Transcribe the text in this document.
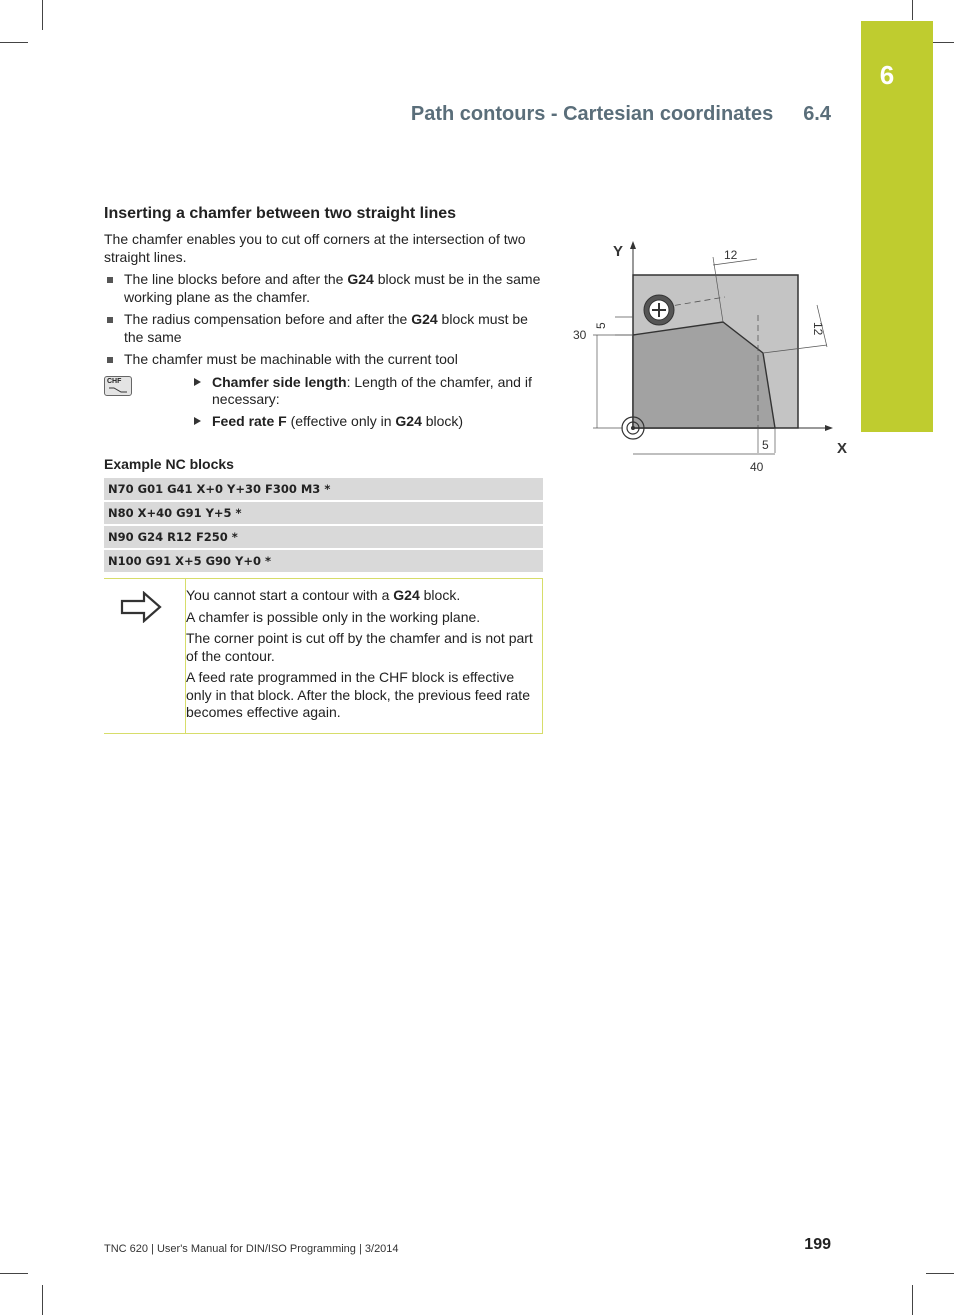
6
Path contours - Cartesian coordinates 6.4
Inserting a chamfer between two straight lines

The chamfer enables you to cut off corners at the intersection of two straight lines.

The line blocks before and after the G24 block must be in the same working plane as the chamfer.
The radius compensation before and after the G24 block must be the same
The chamfer must be machinable with the current tool
CHF	Chamfer side length: Length of the chamfer, and if necessary:
Feed rate F (effective only in G24 block)
Example NC blocks
N70 G01 G41 X+0 Y+30 F300 M3 *
N80 X+40 G91 Y+5 *
N90 G24 R12 F250 *
N100 G91 X+5 G90 Y+0 *

You cannot start a contour with a G24 block.

A chamfer is possible only in the working plane.

The corner point is cut off by the chamfer and is not part of the contour.

A feed rate programmed in the CHF block is effective only in that block. After the block, the previous feed rate becomes effective again.

Y
X
12
12
5
30
5
40
TNC 620 | User's Manual for DIN/ISO Programming | 3/2014	199
